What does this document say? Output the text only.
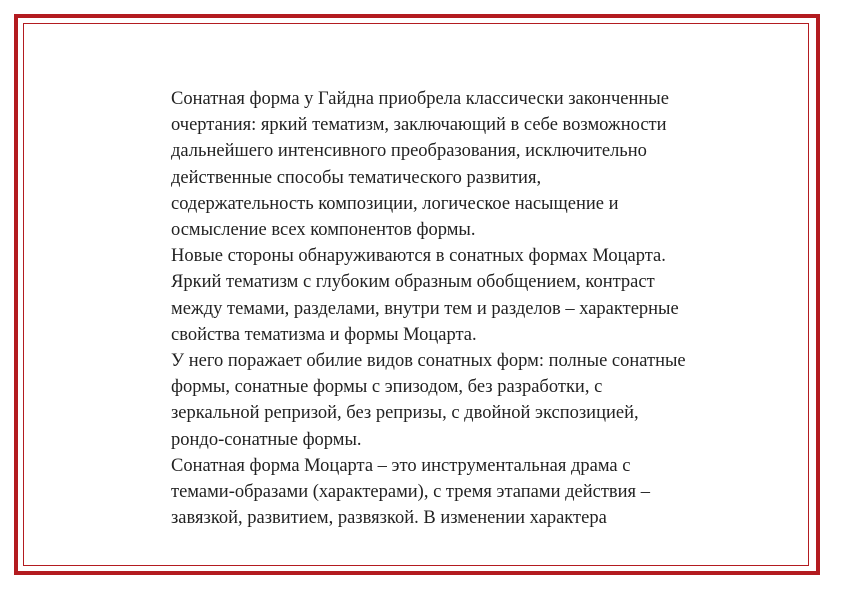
Сонатная форма у Гайдна приобрела классически законченные
очертания: яркий тематизм, заключающий в себе возможности
дальнейшего интенсивного преобразования, исключительно
действенные способы тематического развития,
содержательность композиции, логическое насыщение и
осмысление всех компонентов формы.
Новые стороны обнаруживаются в сонатных формах Моцарта.
Яркий тематизм с глубоким образным обобщением, контраст
между темами, разделами, внутри тем и разделов – характерные
свойства тематизма и формы Моцарта.
У него поражает обилие видов сонатных форм: полные сонатные
формы, сонатные формы с эпизодом, без разработки, с
зеркальной репризой, без репризы, с двойной экспозицией,
рондо-сонатные формы.
Сонатная форма Моцарта – это инструментальная драма с
темами-образами (характерами), с тремя этапами действия –
завязкой, развитием, развязкой. В изменении характера
